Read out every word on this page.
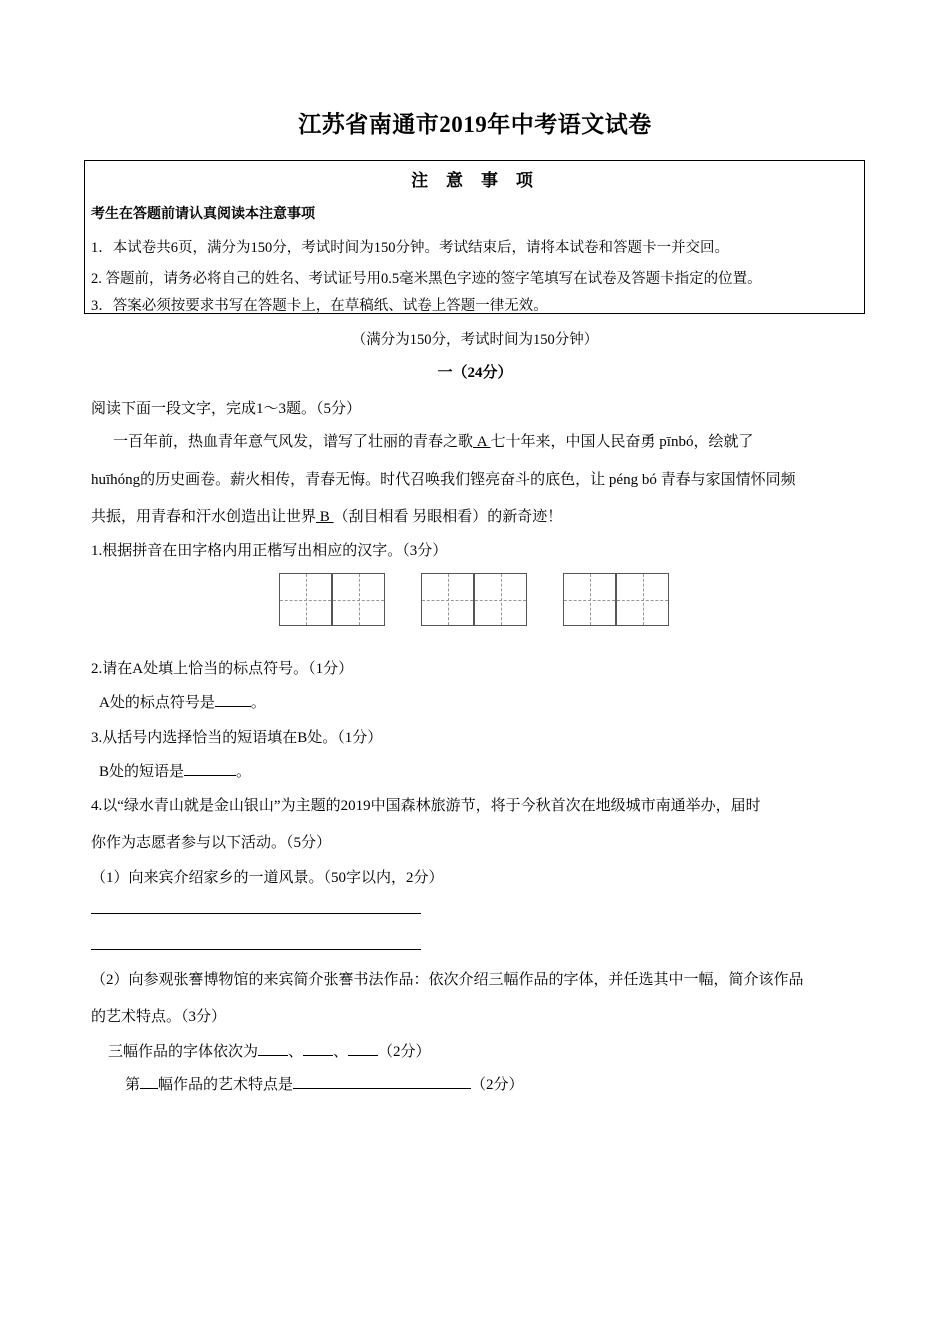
江苏省南通市2019年中考语文试卷
注 意 事 项
考生在答题前请认真阅读本注意事项
1．本试卷共6页，满分为150分，考试时间为150分钟。考试结束后，请将本试卷和答题卡一并交回。
2. 答题前，请务必将自己的姓名、考试证号用0.5毫米黑色字迹的签字笔填写在试卷及答题卡指定的位置。
3．答案必须按要求书写在答题卡上，在草稿纸、试卷上答题一律无效。
（满分为150分，考试时间为150分钟）
一（24分）
阅读下面一段文字，完成1～3题。（5分）
一百年前，热血青年意气风发，谱写了壮丽的青春之歌 A 七十年来，中国人民奋勇 pīnbó，绘就了
huīhóng的历史画卷。薪火相传，青春无悔。时代召唤我们铿亮奋斗的底色，让 péng bó 青春与家国情怀同频
共振，用青春和汗水创造出让世界 B （刮目相看 另眼相看）的新奇迹！
1.根据拼音在田字格内用正楷写出相应的汉字。（3分）
2.请在A处填上恰当的标点符号。（1分）
A处的标点符号是 。
3.从括号内选择恰当的短语填在B处。（1分）
B处的短语是	。
4.以“绿水青山就是金山银山”为主题的2019中国森林旅游节，将于今秋首次在地级城市南通举办，届时
你作为志愿者参与以下活动。（5分）
（1）向来宾介绍家乡的一道风景。（50字以内，2分）
（2）向参观张謇博物馆的来宾简介张謇书法作品：依次介绍三幅作品的字体，并任选其中一幅，简介该作品
的艺术特点。（3分）
三幅作品的字体依次为 、 、 （2分）
第 幅作品的艺术特点是	（2分）
